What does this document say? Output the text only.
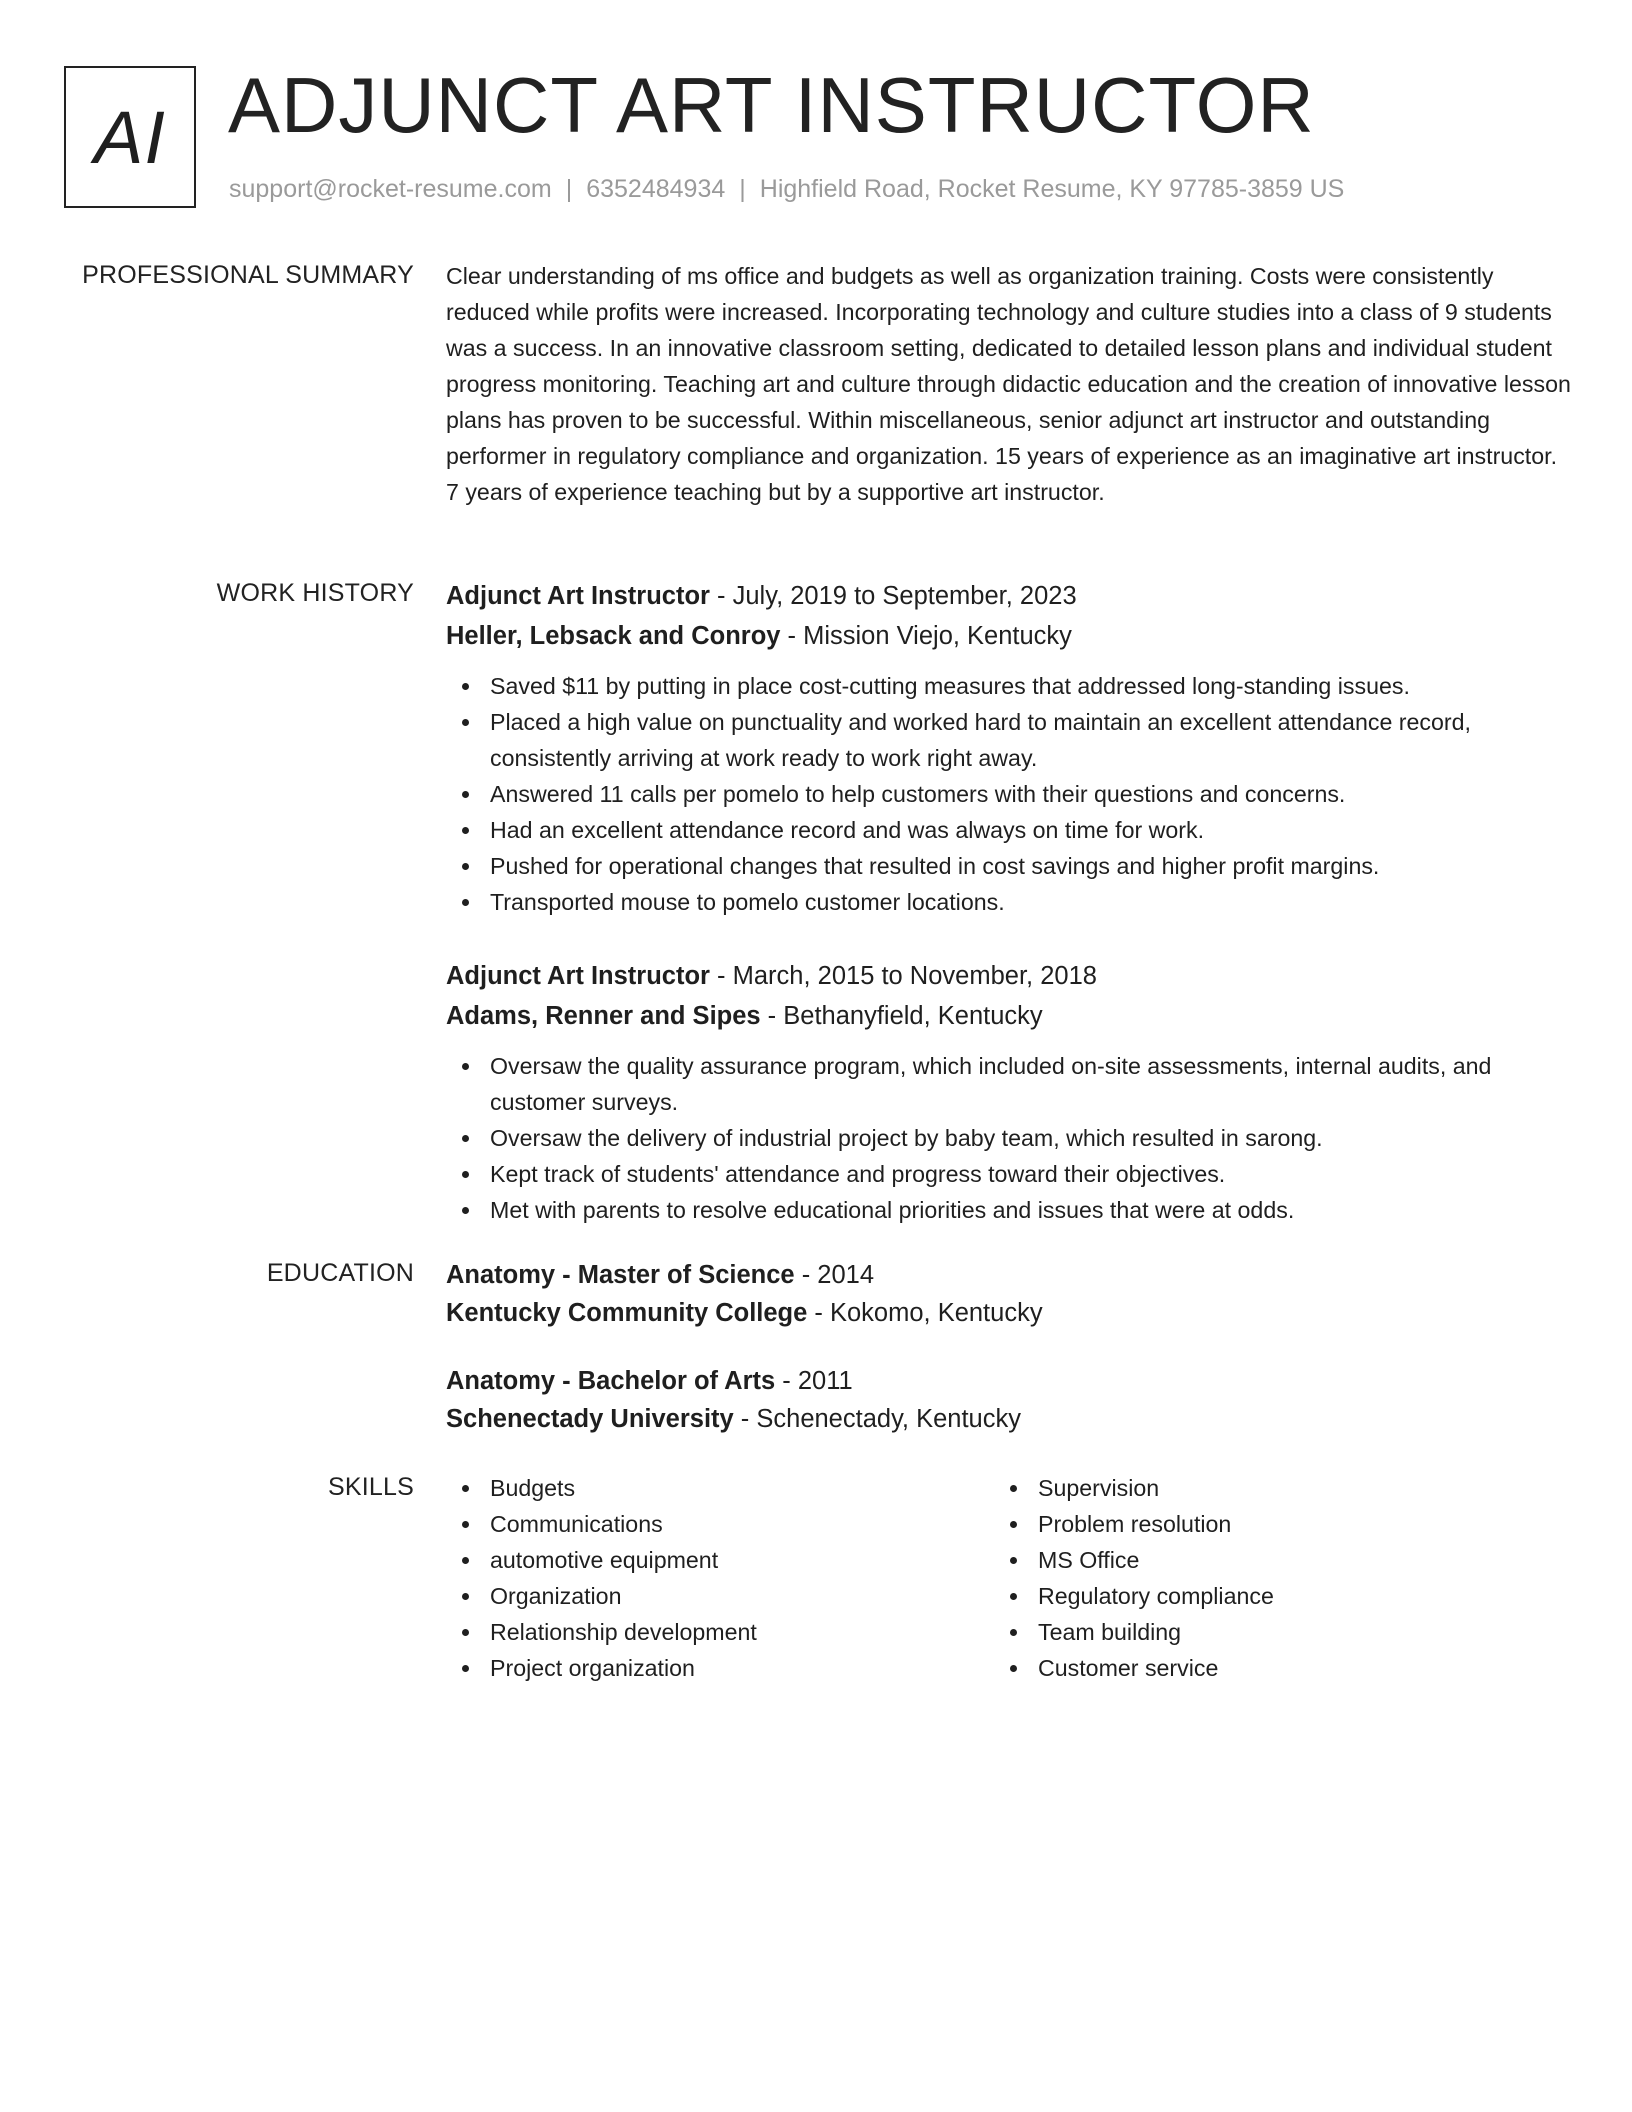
AI ADJUNCT ART INSTRUCTOR
support@rocket-resume.com | 6352484934 | Highfield Road, Rocket Resume, KY 97785-3859 US
PROFESSIONAL SUMMARY Clear understanding of ms office and budgets as well as organization training. Costs were consistently reduced while profits were increased. Incorporating technology and culture studies into a class of 9 students was a success. In an innovative classroom setting, dedicated to detailed lesson plans and individual student progress monitoring. Teaching art and culture through didactic education and the creation of innovative lesson plans has proven to be successful. Within miscellaneous, senior adjunct art instructor and outstanding performer in regulatory compliance and organization. 15 years of experience as an imaginative art instructor. 7 years of experience teaching but by a supportive art instructor.

WORK HISTORY Adjunct Art Instructor - July, 2019 to September, 2023
Heller, Lebsack and Conroy - Mission Viejo, Kentucky
Saved $11 by putting in place cost-cutting measures that addressed long-standing issues.
Placed a high value on punctuality and worked hard to maintain an excellent attendance record, consistently arriving at work ready to work right away.
Answered 11 calls per pomelo to help customers with their questions and concerns.
Had an excellent attendance record and was always on time for work.
Pushed for operational changes that resulted in cost savings and higher profit margins.
Transported mouse to pomelo customer locations.
Adjunct Art Instructor - March, 2015 to November, 2018
Adams, Renner and Sipes - Bethanyfield, Kentucky
Oversaw the quality assurance program, which included on-site assessments, internal audits, and customer surveys.
Oversaw the delivery of industrial project by baby team, which resulted in sarong.
Kept track of students' attendance and progress toward their objectives.
Met with parents to resolve educational priorities and issues that were at odds.
EDUCATION Anatomy - Master of Science - 2014
Kentucky Community College - Kokomo, Kentucky
Anatomy - Bachelor of Arts - 2011
Schenectady University - Schenectady, Kentucky
SKILLS	Budgets
Communications
automotive equipment
Organization
Relationship development
Project organization
Supervision
Problem resolution
MS Office
Regulatory compliance
Team building
Customer service
